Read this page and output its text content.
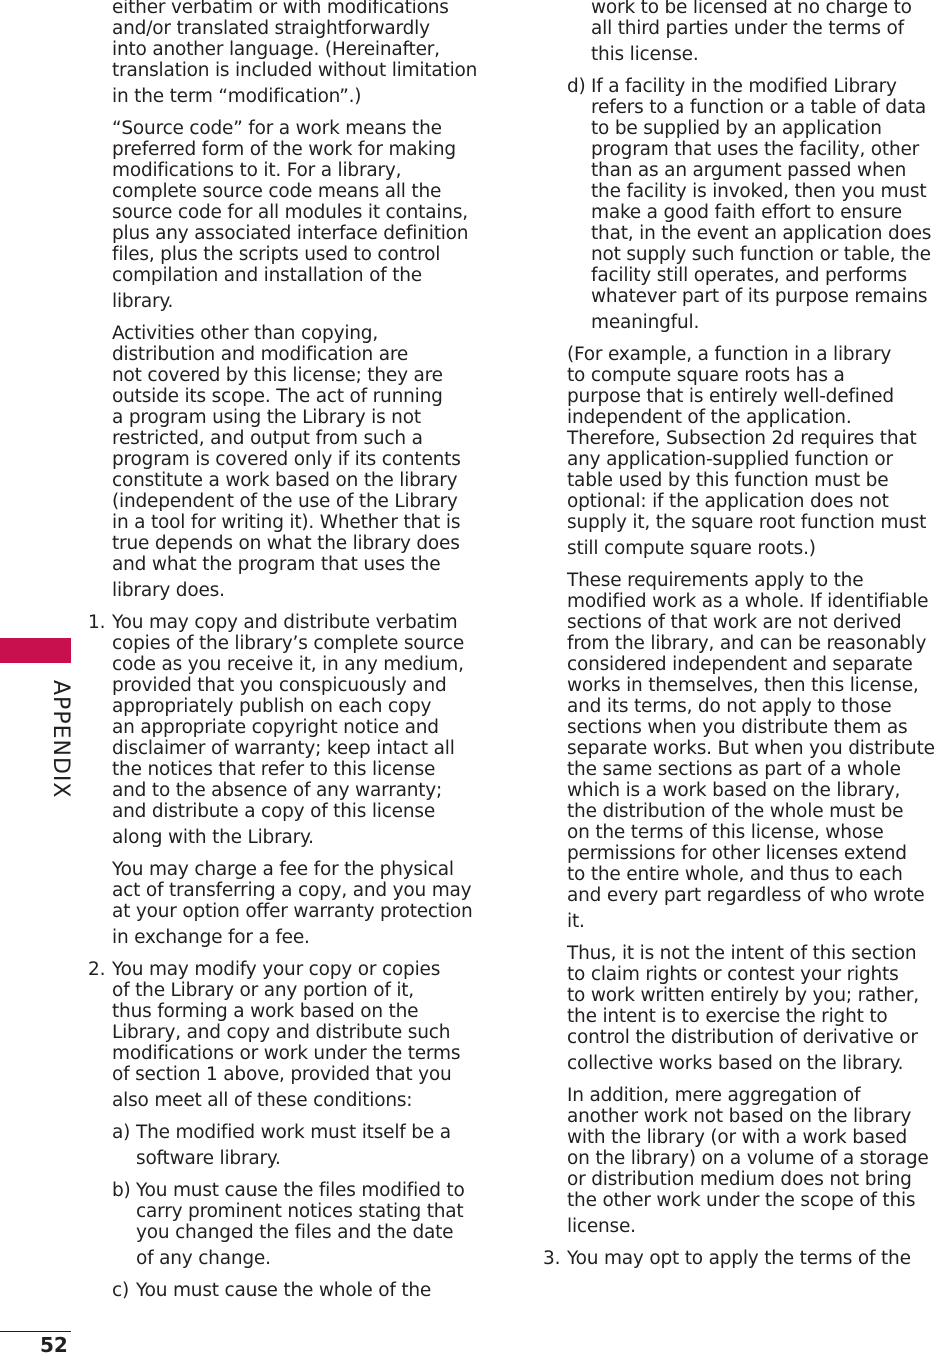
APPENDIX
52
either verbatim or with modifications
and/or translated straightforwardly
into another language. (Hereinafter,
translation is included without limitation
in the term “modification”.)
“Source code” for a work means the
preferred form of the work for making
modifications to it. For a library,
complete source code means all the
source code for all modules it contains,
plus any associated interface definition
files, plus the scripts used to control
compilation and installation of the
library.
Activities other than copying,
distribution and modification are
not covered by this license; they are
outside its scope. The act of running
a program using the Library is not
restricted, and output from such a
program is covered only if its contents
constitute a work based on the library
(independent of the use of the Library
in a tool for writing it). Whether that is
true depends on what the library does
and what the program that uses the
library does.
1. You may copy and distribute verbatim
copies of the library’s complete source
code as you receive it, in any medium,
provided that you conspicuously and
appropriately publish on each copy
an appropriate copyright notice and
disclaimer of warranty; keep intact all
the notices that refer to this license
and to the absence of any warranty;
and distribute a copy of this license
along with the Library.
You may charge a fee for the physical
act of transferring a copy, and you may
at your option offer warranty protection
in exchange for a fee.
2. You may modify your copy or copies
of the Library or any portion of it,
thus forming a work based on the
Library, and copy and distribute such
modifications or work under the terms
of section 1 above, provided that you
also meet all of these conditions:
a) The modified work must itself be a
software library.
b) You must cause the files modified to
carry prominent notices stating that
you changed the files and the date
of any change.
c) You must cause the whole of the
work to be licensed at no charge to
all third parties under the terms of
this license.
d) If a facility in the modified Library
refers to a function or a table of data
to be supplied by an application
program that uses the facility, other
than as an argument passed when
the facility is invoked, then you must
make a good faith effort to ensure
that, in the event an application does
not supply such function or table, the
facility still operates, and performs
whatever part of its purpose remains
meaningful.
(For example, a function in a library
to compute square roots has a
purpose that is entirely well-defined
independent of the application.
Therefore, Subsection 2d requires that
any application-supplied function or
table used by this function must be
optional: if the application does not
supply it, the square root function must
still compute square roots.)
These requirements apply to the
modified work as a whole. If identifiable
sections of that work are not derived
from the library, and can be reasonably
considered independent and separate
works in themselves, then this license,
and its terms, do not apply to those
sections when you distribute them as
separate works. But when you distribute
the same sections as part of a whole
which is a work based on the library,
the distribution of the whole must be
on the terms of this license, whose
permissions for other licenses extend
to the entire whole, and thus to each
and every part regardless of who wrote
it.
Thus, it is not the intent of this section
to claim rights or contest your rights
to work written entirely by you; rather,
the intent is to exercise the right to
control the distribution of derivative or
collective works based on the library.
In addition, mere aggregation of
another work not based on the library
with the library (or with a work based
on the library) on a volume of a storage
or distribution medium does not bring
the other work under the scope of this
license.
3. You may opt to apply the terms of the
